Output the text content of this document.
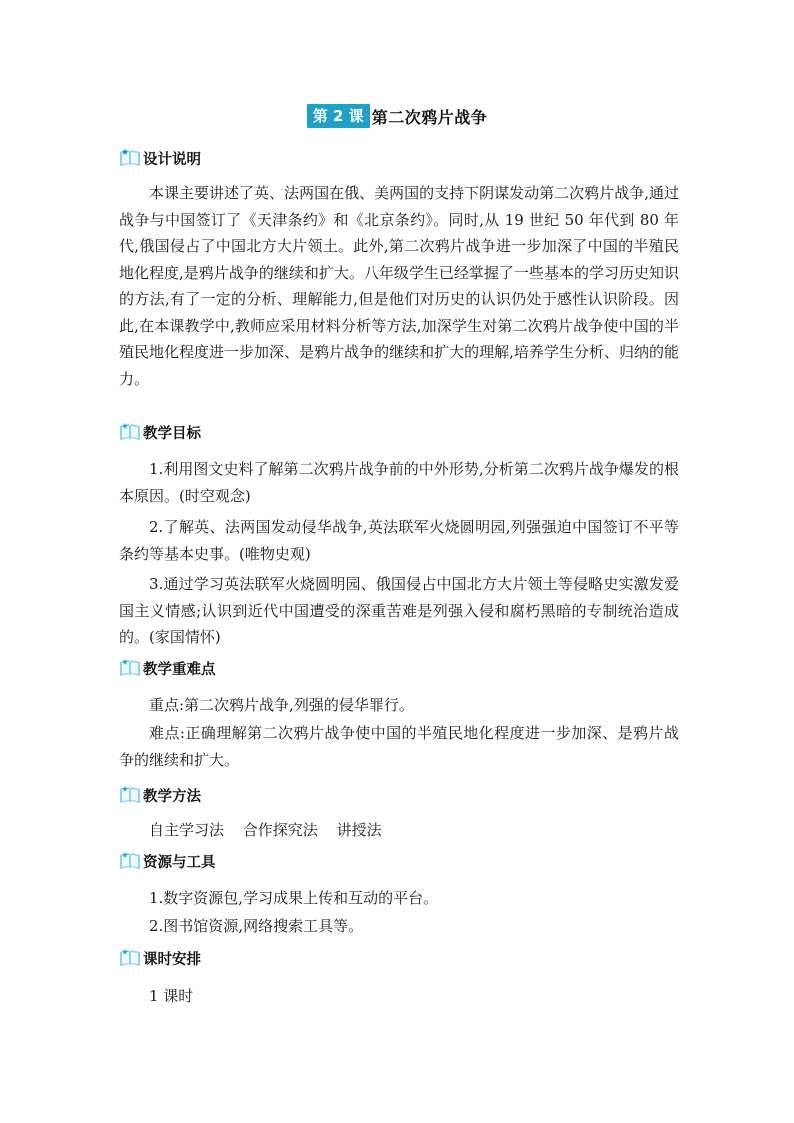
第 2 课 第二次鸦片战争
设计说明

本课主要讲述了英、法两国在俄、美两国的支持下阴谋发动第二次鸦片战争,通过战争与中国签订了《天津条约》和《北京条约》。同时,从 19 世纪 50 年代到 80 年代,俄国侵占了中国北方大片领土。此外,第二次鸦片战争进一步加深了中国的半殖民地化程度,是鸦片战争的继续和扩大。八年级学生已经掌握了一些基本的学习历史知识的方法,有了一定的分析、理解能力,但是他们对历史的认识仍处于感性认识阶段。因此,在本课教学中,教师应采用材料分析等方法,加深学生对第二次鸦片战争使中国的半殖民地化程度进一步加深、是鸦片战争的继续和扩大的理解,培养学生分析、归纳的能力。

教学目标

1.利用图文史料了解第二次鸦片战争前的中外形势,分析第二次鸦片战争爆发的根本原因。(时空观念)

2.了解英、法两国发动侵华战争,英法联军火烧圆明园,列强强迫中国签订不平等条约等基本史事。(唯物史观)

3.通过学习英法联军火烧圆明园、俄国侵占中国北方大片领土等侵略史实激发爱国主义情感;认识到近代中国遭受的深重苦难是列强入侵和腐朽黑暗的专制统治造成的。(家国情怀)

教学重难点

重点:第二次鸦片战争,列强的侵华罪行。

难点:正确理解第二次鸦片战争使中国的半殖民地化程度进一步加深、是鸦片战争的继续和扩大。

教学方法
自主学习法 合作探究法 讲授法
资源与工具
1.数字资源包,学习成果上传和互动的平台。
2.图书馆资源,网络搜索工具等。
课时安排
1 课时
